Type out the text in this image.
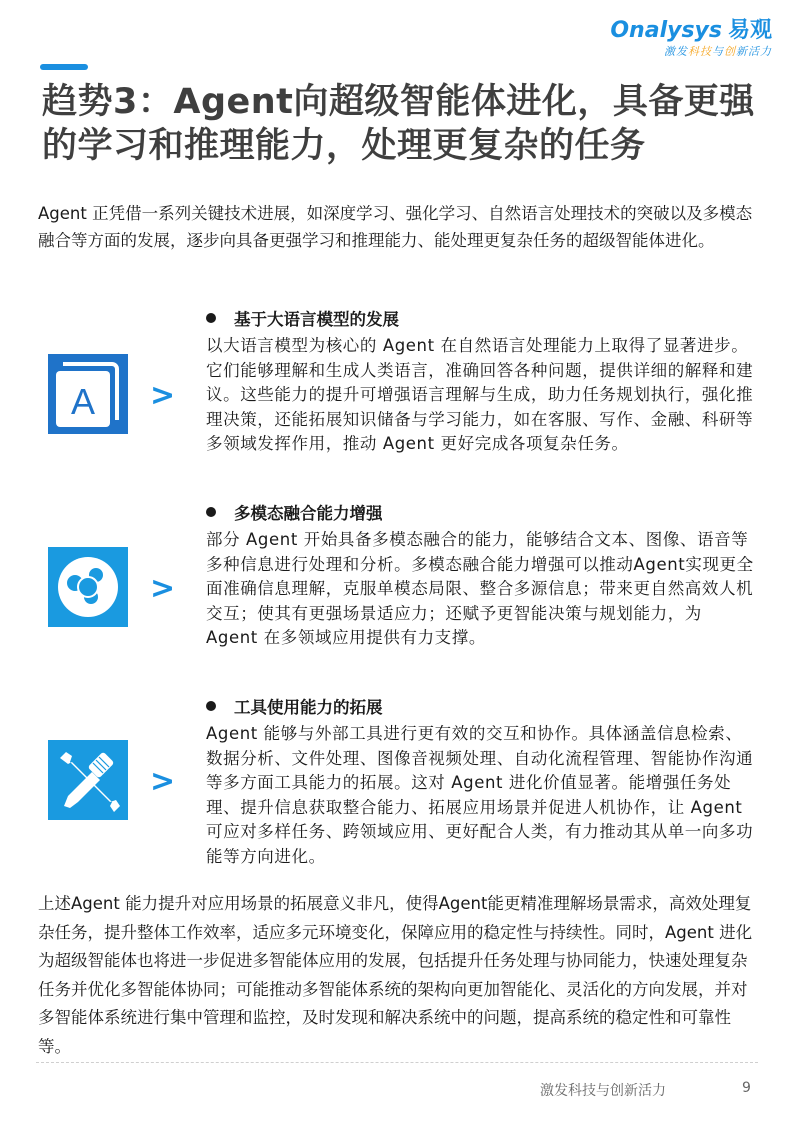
Onalysys 易观
激发科技与创新活力
趋势3：Agent向超级智能体进化，具备更强的学习和推理能力，处理更复杂的任务

Agent 正凭借一系列关键技术进展，如深度学习、强化学习、自然语言处理技术的突破以及多模态融合等方面的发展，逐步向具备更强学习和推理能力、能处理更复杂任务的超级智能体进化。

A >
基于大语言模型的发展

以大语言模型为核心的 Agent 在自然语言处理能力上取得了显著进步。它们能够理解和生成人类语言，准确回答各种问题，提供详细的解释和建议。这些能力的提升可增强语言理解与生成，助力任务规划执行，强化推理决策，还能拓展知识储备与学习能力，如在客服、写作、金融、科研等多领域发挥作用，推动 Agent 更好完成各项复杂任务。

>
多模态融合能力增强

部分 Agent 开始具备多模态融合的能力，能够结合文本、图像、语音等多种信息进行处理和分析。多模态融合能力增强可以推动Agent实现更全面准确信息理解，克服单模态局限、整合多源信息；带来更自然高效人机交互；使其有更强场景适应力；还赋予更智能决策与规划能力，为 Agent 在多领域应用提供有力支撑。

>
工具使用能力的拓展

Agent 能够与外部工具进行更有效的交互和协作。具体涵盖信息检索、数据分析、文件处理、图像音视频处理、自动化流程管理、智能协作沟通等多方面工具能力的拓展。这对 Agent 进化价值显著。能增强任务处理、提升信息获取整合能力、拓展应用场景并促进人机协作，让 Agent 可应对多样任务、跨领域应用、更好配合人类，有力推动其从单一向多功能等方向进化。

上述Agent 能力提升对应用场景的拓展意义非凡，使得Agent能更精准理解场景需求，高效处理复杂任务，提升整体工作效率，适应多元环境变化，保障应用的稳定性与持续性。同时，Agent 进化为超级智能体也将进一步促进多智能体应用的发展，包括提升任务处理与协同能力，快速处理复杂任务并优化多智能体协同；可能推动多智能体系统的架构向更加智能化、灵活化的方向发展，并对多智能体系统进行集中管理和监控，及时发现和解决系统中的问题，提高系统的稳定性和可靠性等。

激发科技与创新活力	9
